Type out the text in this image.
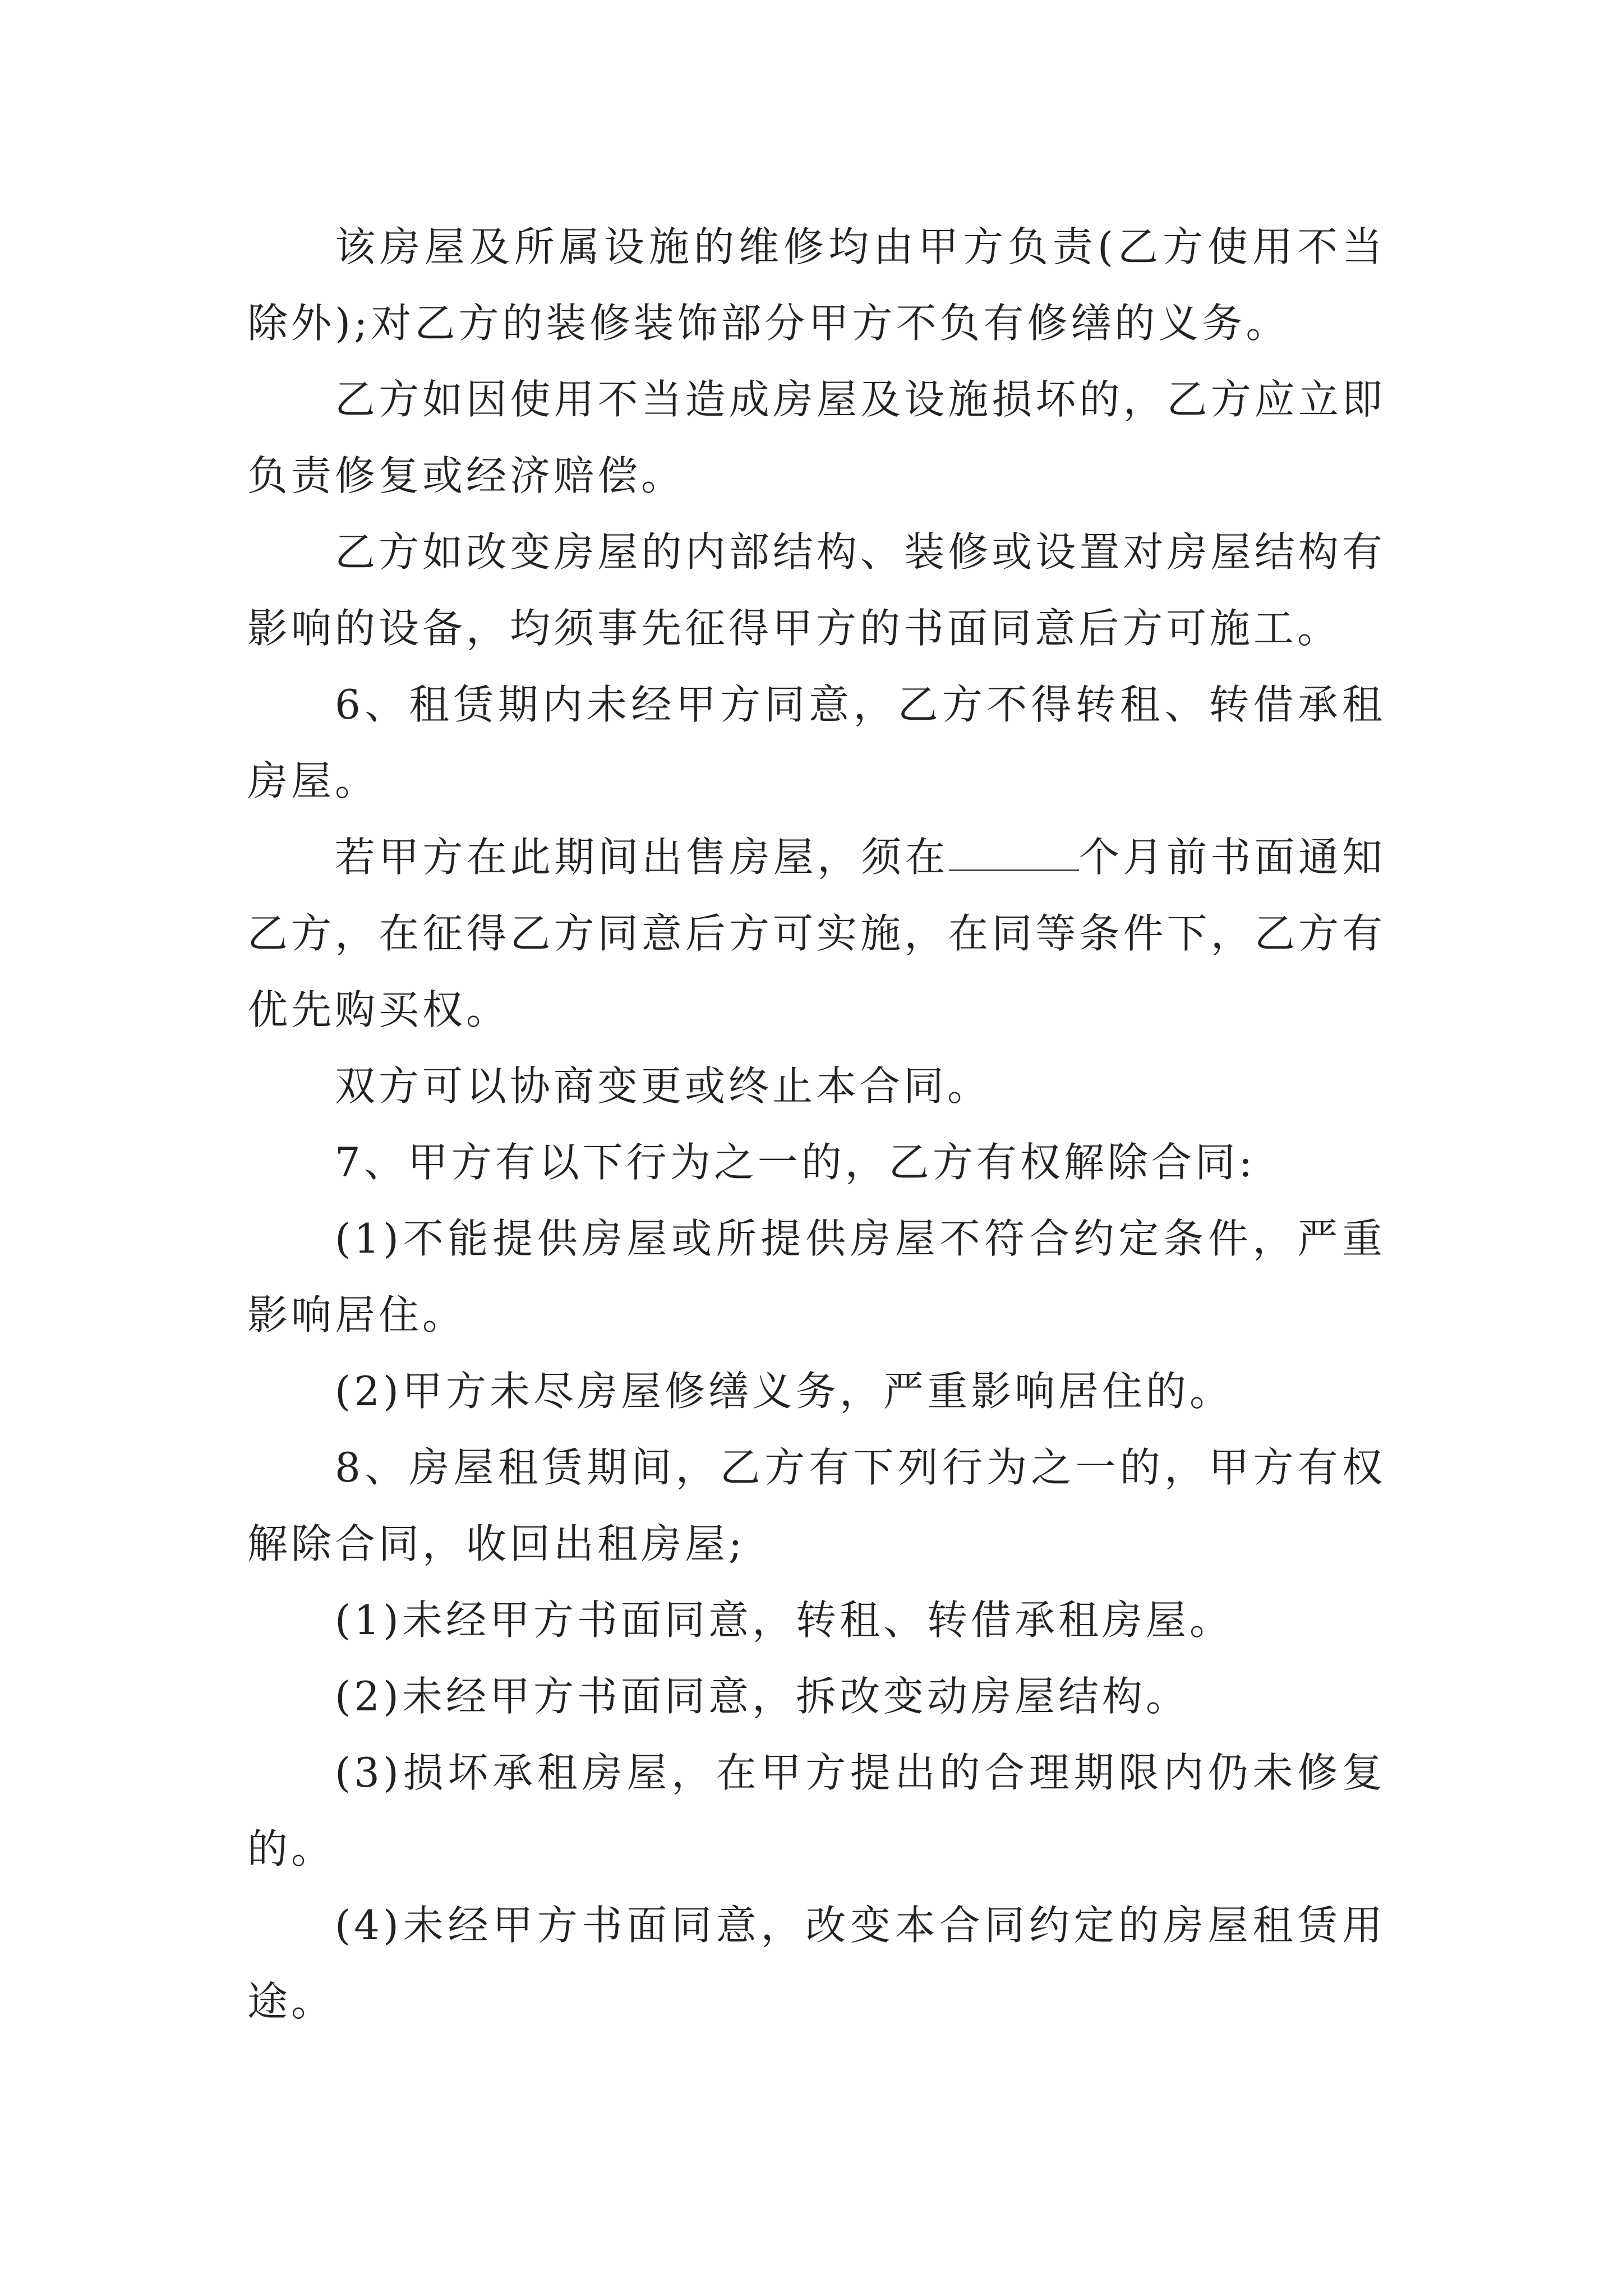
该房屋及所属设施的维修均由甲方负责(乙方使用不当除外);对乙方的装修装饰部分甲方不负有修缮的义务。

乙方如因使用不当造成房屋及设施损坏的，乙方应立即负责修复或经济赔偿。

乙方如改变房屋的内部结构、装修或设置对房屋结构有影响的设备，均须事先征得甲方的书面同意后方可施工。

6、租赁期内未经甲方同意，乙方不得转租、转借承租房屋。

若甲方在此期间出售房屋，须在	个月前书面通知乙方，在征得乙方同意后方可实施，在同等条件下，乙方有优先购买权。

双方可以协商变更或终止本合同。

7、甲方有以下行为之一的，乙方有权解除合同:

(1)不能提供房屋或所提供房屋不符合约定条件，严重影响居住。

(2)甲方未尽房屋修缮义务，严重影响居住的。

8、房屋租赁期间，乙方有下列行为之一的，甲方有权解除合同，收回出租房屋;

(1)未经甲方书面同意，转租、转借承租房屋。

(2)未经甲方书面同意，拆改变动房屋结构。

(3)损坏承租房屋，在甲方提出的合理期限内仍未修复的。

(4)未经甲方书面同意，改变本合同约定的房屋租赁用途。
